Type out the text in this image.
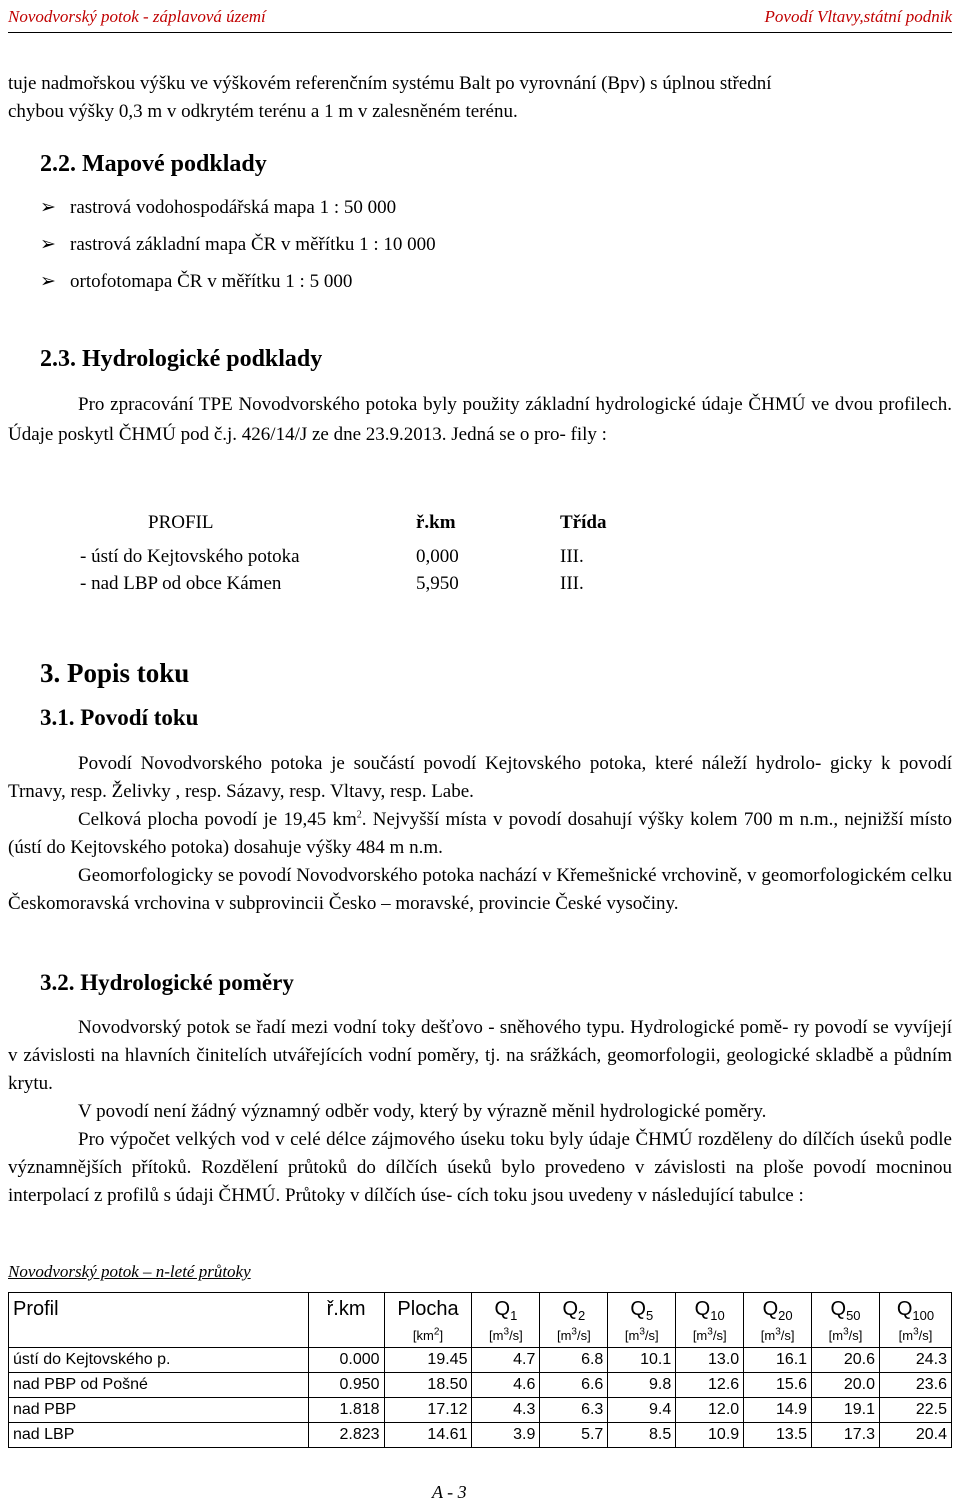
Novodvorský potok - záplavová území	Povodí Vltavy,státní podnik
tuje nadmořskou výšku ve výškovém referenčním systému Balt po vyrovnání (Bpv) s úplnou střední
chybou výšky 0,3 m v odkrytém terénu a 1 m v zalesněném terénu.
2.2. Mapové podklady
➢ rastrová vodohospodářská mapa 1 : 50 000
➢ rastrová základní mapa ČR v měřítku 1 : 10 000
➢ ortofotomapa ČR v měřítku 1 : 5 000
2.3. Hydrologické podklady
Pro zpracování TPE Novodvorského potoka byly použity základní hydrologické údaje ČHMÚ ve dvou profilech. Údaje poskytl ČHMÚ pod č.j. 426/14/J ze dne 23.9.2013. Jedná se o pro- fily :
PROFIL	ř.km	Třída
- ústí do Kejtovského potoka	0,000	III.
- nad LBP od obce Kámen	5,950	III.
3. Popis toku
3.1. Povodí toku
Povodí Novodvorského potoka je součástí povodí Kejtovského potoka, které náleží hydrolo- gicky k povodí Trnavy, resp. Želivky , resp. Sázavy, resp. Vltavy, resp. Labe.
Celková plocha povodí je 19,45 $km^2$. Nejvyšší místa v povodí dosahují výšky kolem 700 m n.m., nejnižší místo (ústí do Kejtovského potoka) dosahuje výšky 484 m n.m.
Geomorfologicky se povodí Novodvorského potoka nachází v Křemešnické vrchovině, v geomorfologickém celku Českomoravská vrchovina v subprovincii Česko – moravské, provincie České vysočiny.
3.2. Hydrologické poměry
Novodvorský potok se řadí mezi vodní toky dešťovo - sněhového typu. Hydrologické pomě- ry povodí se vyvíjejí v závislosti na hlavních činitelích utvářejících vodní poměry, tj. na srážkách, geomorfologii, geologické skladbě a půdním krytu.
V povodí není žádný významný odběr vody, který by výrazně měnil hydrologické poměry.
Pro výpočet velkých vod v celé délce zájmového úseku toku byly údaje ČHMÚ rozděleny do dílčích úseků podle významnějších přítoků. Rozdělení průtoků do dílčích úseků bylo provedeno v závislosti na ploše povodí mocninou interpolací z profilů s údaji ČHMÚ. Průtoky v dílčích úse- cích toku jsou uvedeny v následující tabulce :
Novodvorský potok – n-leté průtoky
Profil	ř.km	Plocha	$Q_1$	$Q_2$	$Q_5$	$Q_{10}$	$Q_{20}$	$Q_{50}$	$Q_{100}$
		$[km^2]$	$[m^3/s]$	$[m^3/s]$	$[m^3/s]$	$[m^3/s]$	$[m^3/s]$	$[m^3/s]$	$[m^3/s]$
ústí do Kejtovského p.	0.000	19.45	4.7	6.8	10.1	13.0	16.1	20.6	24.3
nad PBP od Pošné	0.950	18.50	4.6	6.6	9.8	12.6	15.6	20.0	23.6
nad PBP	1.818	17.12	4.3	6.3	9.4	12.0	14.9	19.1	22.5
nad LBP	2.823	14.61	3.9	5.7	8.5	10.9	13.5	17.3	20.4
A - 3
